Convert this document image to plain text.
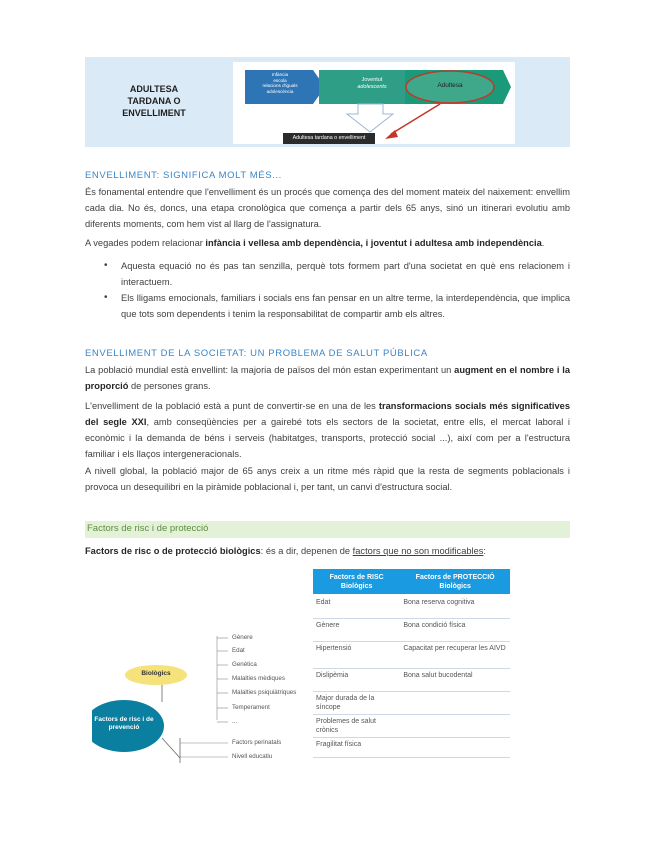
ADULTESA
TARDANA O
ENVELLIMENT
Infància
escola
relacions d'iguals
adolescència
Joventut
adolescents	Adultesa
Adultesa tardana o envelliment
ENVELLIMENT: SIGNIFICA MOLT MÉS...

És fonamental entendre que l'envelliment és un procés que comença des del moment mateix del naixement: envellim cada dia. No és, doncs, una etapa cronològica que comença a partir dels 65 anys, sinó un itinerari evolutiu amb diferents moments, com hem vist al llarg de l'assignatura.

A vegades podem relacionar infància i vellesa amb dependència, i joventut i adultesa amb independència.

• Aquesta equació no és pas tan senzilla, perquè tots formem part d'una societat en què ens relacionem i interactuem.
• Els lligams emocionals, familiars i socials ens fan pensar en un altre terme, la interdependència, que implica que tots som dependents i tenim la responsabilitat de compartir amb els altres.
ENVELLIMENT DE LA SOCIETAT: UN PROBLEMA DE SALUT PÚBLICA

La població mundial està envellint: la majoria de països del món estan experimentant un augment en el nombre i la proporció de persones grans.

L'envelliment de la població està a punt de convertir-se en una de les transformacions socials més significatives del segle XXI, amb conseqüències per a gairebé tots els sectors de la societat, entre ells, el mercat laboral i econòmic i la demanda de béns i serveis (habitatges, transports, protecció social ...), així com per a l'estructura familiar i els llaços intergeneracionals.

A nivell global, la població major de 65 anys creix a un ritme més ràpid que la resta de segments poblacionals i provoca un desequilibri en la piràmide poblacional i, per tant, un canvi d'estructura social.

Factors de risc i de protecció

Factors de risc o de protecció biològics: és a dir, depenen de factors que no son modificables:

Factors de RISC Biològics	Factors de PROTECCIÓ Biològics
Edat	Bona reserva cognitiva
Gènere	Bona condició física
Hipertensió	Capacitat per recuperar les AIVD
Dislipèmia	Bona salut bucodental
Major durada de la síncope	
Problemes de salut crònics	
Fragilitat física	
Biològics
Factors de risc i de prevenció
Gènere
Edat
Genètica
Malalties mèdiques
Malalties psiquiàtriques
Temperament
...
Factors perinatals
Nivell educatiu
